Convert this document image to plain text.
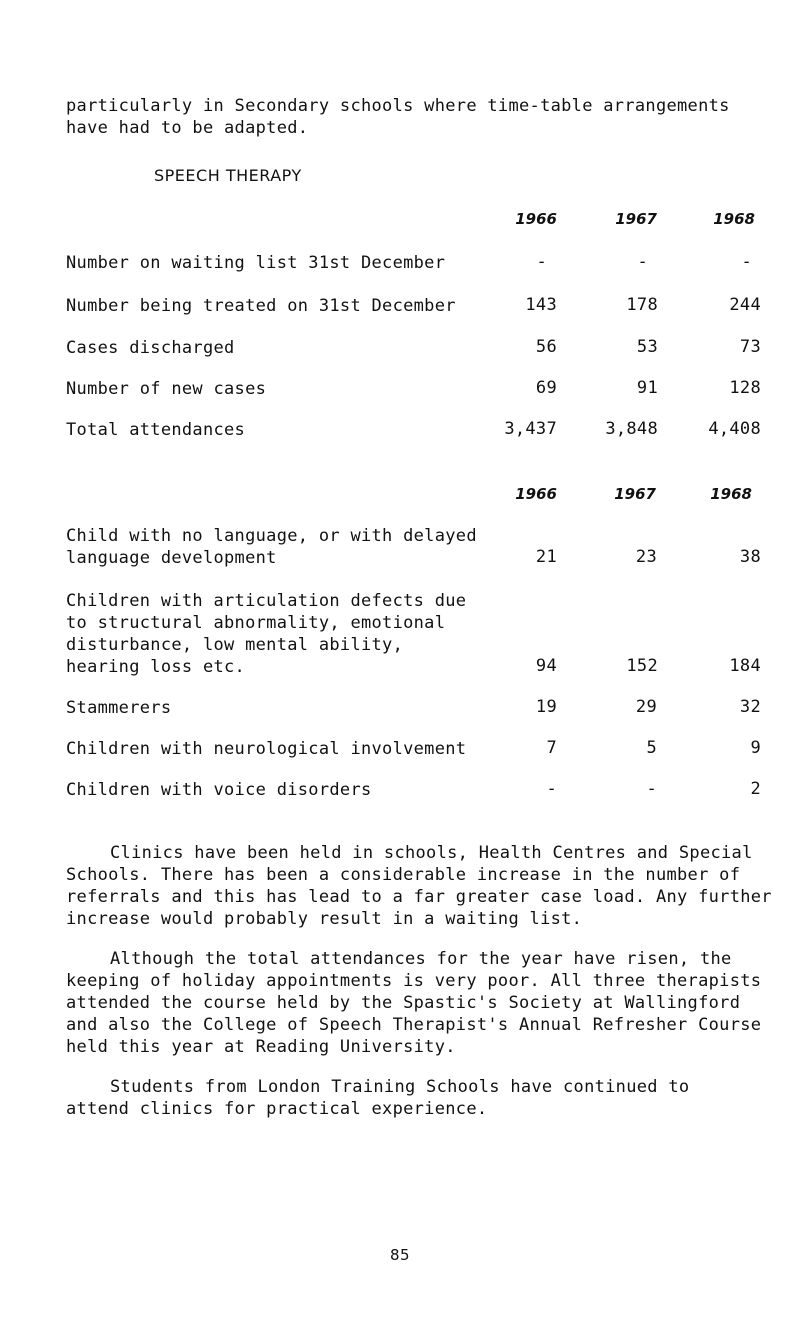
particularly in Secondary schools where time-table arrangements
have had to be adapted.
SPEECH THERAPY
1966	1967	1968
Number on waiting list 31st December	-	-	-
Number being treated on 31st December	143	178	244
Cases discharged	56	53	73
Number of new cases	69	91	128
Total attendances	3,437	3,848	4,408
1966	1967	1968
Child with no language, or with delayed
language development	21	23	38
Children with articulation defects due
to structural abnormality, emotional
disturbance, low mental ability,
hearing loss etc.	94	152	184
Stammerers	19	29	32
Children with neurological involvement	7	5	9
Children with voice disorders	-	-	2
Clinics have been held in schools, Health Centres and Special
Schools. There has been a considerable increase in the number of
referrals and this has lead to a far greater case load. Any further
increase would probably result in a waiting list.
Although the total attendances for the year have risen, the
keeping of holiday appointments is very poor. All three therapists
attended the course held by the Spastic's Society at Wallingford
and also the College of Speech Therapist's Annual Refresher Course
held this year at Reading University.
Students from London Training Schools have continued to
attend clinics for practical experience.
85
